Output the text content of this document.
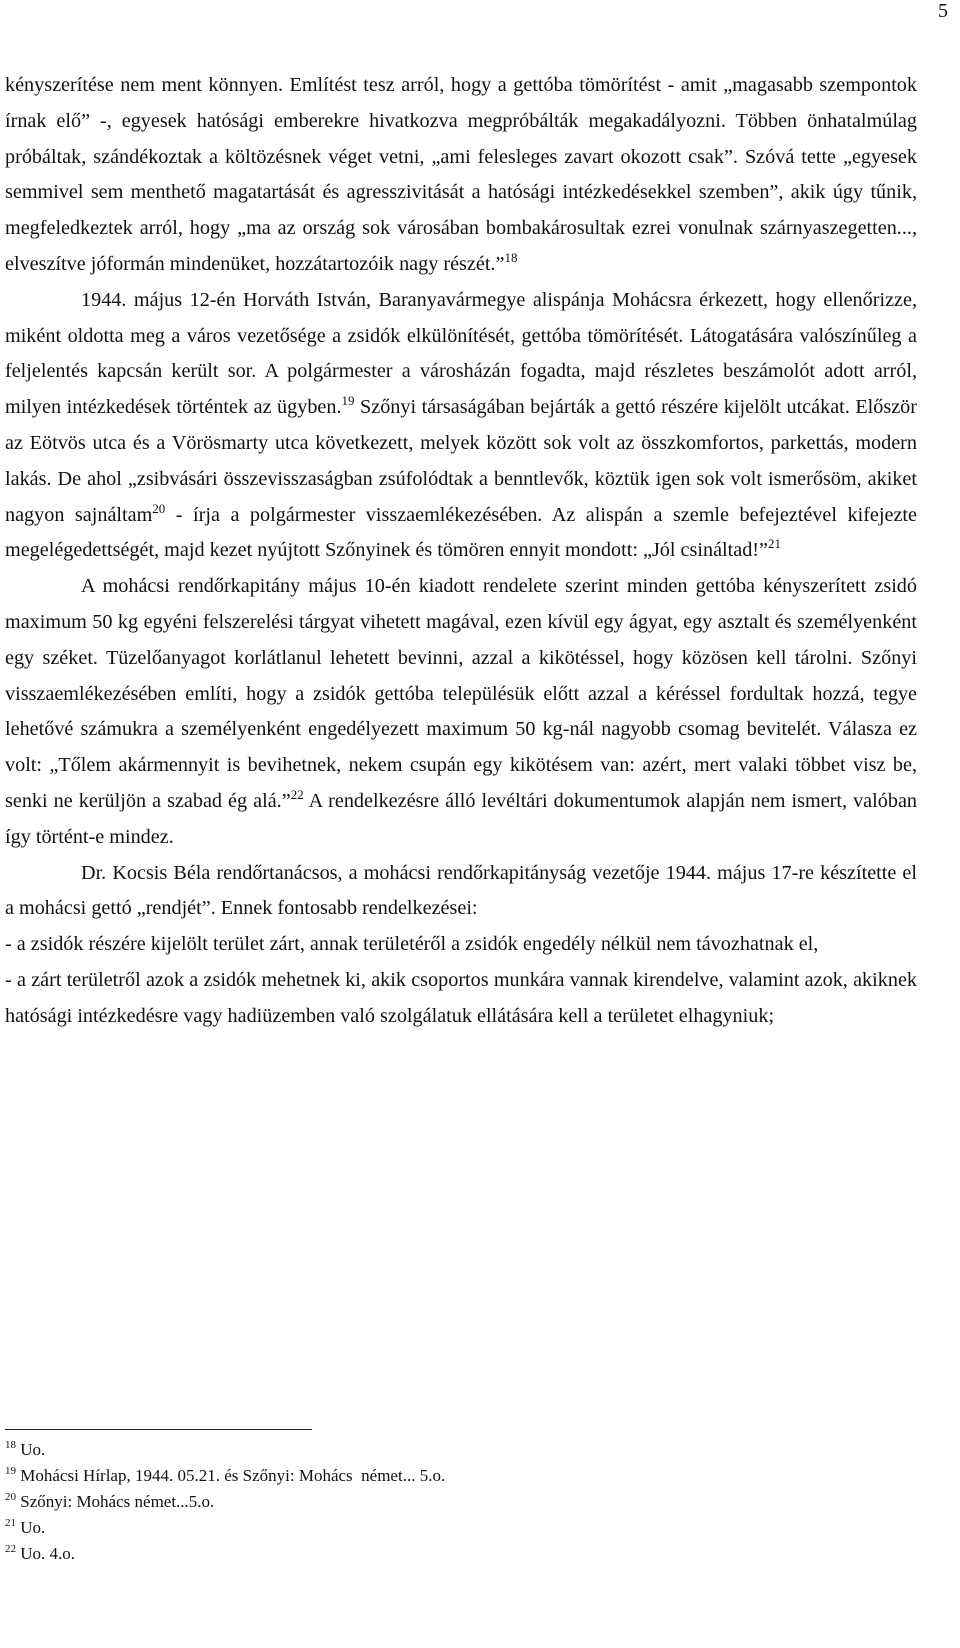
5

kényszerítése nem ment könnyen. Említést tesz arról, hogy a gettóba tömörítést - amit „magasabb szempontok írnak elő” -, egyesek hatósági emberekre hivatkozva megpróbálták megakadályozni. Többen önhatalmúlag próbáltak, szándékoztak a költözésnek véget vetni, „ami felesleges zavart okozott csak”. Szóvá tette „egyesek semmivel sem menthető magatartását és agresszivitását a hatósági intézkedésekkel szemben”, akik úgy tűnik, megfeledkeztek arról, hogy „ma az ország sok városában bombakárosultak ezrei vonulnak szárnyaszegetten..., elveszítve jóformán mindenüket, hozzátartozóik nagy részét.”$^{18}$

1944. május 12-én Horváth István, Baranyavármegye alispánja Mohácsra érkezett, hogy ellenőrizze, miként oldotta meg a város vezetősége a zsidók elkülönítését, gettóba tömörítését. Látogatására valószínűleg a feljelentés kapcsán került sor. A polgármester a városházán fogadta, majd részletes beszámolót adott arról, milyen intézkedések történtek az ügyben.$^{19}$ Szőnyi társaságában bejárták a gettó részére kijelölt utcákat. Először az Eötvös utca és a Vörösmarty utca következett, melyek között sok volt az összkomfortos, parkettás, modern lakás. De ahol „zsibvásári összevisszaságban zsúfolódtak a benntlevők, köztük igen sok volt ismerősöm, akiket nagyon sajnáltam$^{20}$ - írja a polgármester visszaemlékezésében. Az alispán a szemle befejeztével kifejezte megelégedettségét, majd kezet nyújtott Szőnyinek és tömören ennyit mondott: „Jól csináltad!”$^{21}$

A mohácsi rendőrkapitány május 10-én kiadott rendelete szerint minden gettóba kényszerített zsidó maximum 50 kg egyéni felszerelési tárgyat vihetett magával, ezen kívül egy ágyat, egy asztalt és személyenként egy széket. Tüzelőanyagot korlátlanul lehetett bevinni, azzal a kikötéssel, hogy közösen kell tárolni. Szőnyi visszaemlékezésében említi, hogy a zsidók gettóba településük előtt azzal a kéréssel fordultak hozzá, tegye lehetővé számukra a személyenként engedélyezett maximum 50 kg-nál nagyobb csomag bevitelét. Válasza ez volt: „Tőlem akármennyit is bevihetnek, nekem csupán egy kikötésem van: azért, mert valaki többet visz be, senki ne kerüljön a szabad ég alá.”$^{22}$ A rendelkezésre álló levéltári dokumentumok alapján nem ismert, valóban így történt-e mindez.

Dr. Kocsis Béla rendőrtanácsos, a mohácsi rendőrkapitányság vezetője 1944. május 17-re készítette el a mohácsi gettó „rendjét”. Ennek fontosabb rendelkezései:

- a zsidók részére kijelölt terület zárt, annak területéről a zsidók engedély nélkül nem távozhatnak el,

- a zárt területről azok a zsidók mehetnek ki, akik csoportos munkára vannak kirendelve, valamint azok, akiknek hatósági intézkedésre vagy hadiüzemben való szolgálatuk ellátására kell a területet elhagyniuk;

$^{18}$ Uo.
$^{19}$ Mohácsi Hírlap, 1944. 05.21. és Szőnyi: Mohács  német... 5.o.
$^{20}$ Szőnyi: Mohács német...5.o.
$^{21}$ Uo.
$^{22}$ Uo. 4.o.
